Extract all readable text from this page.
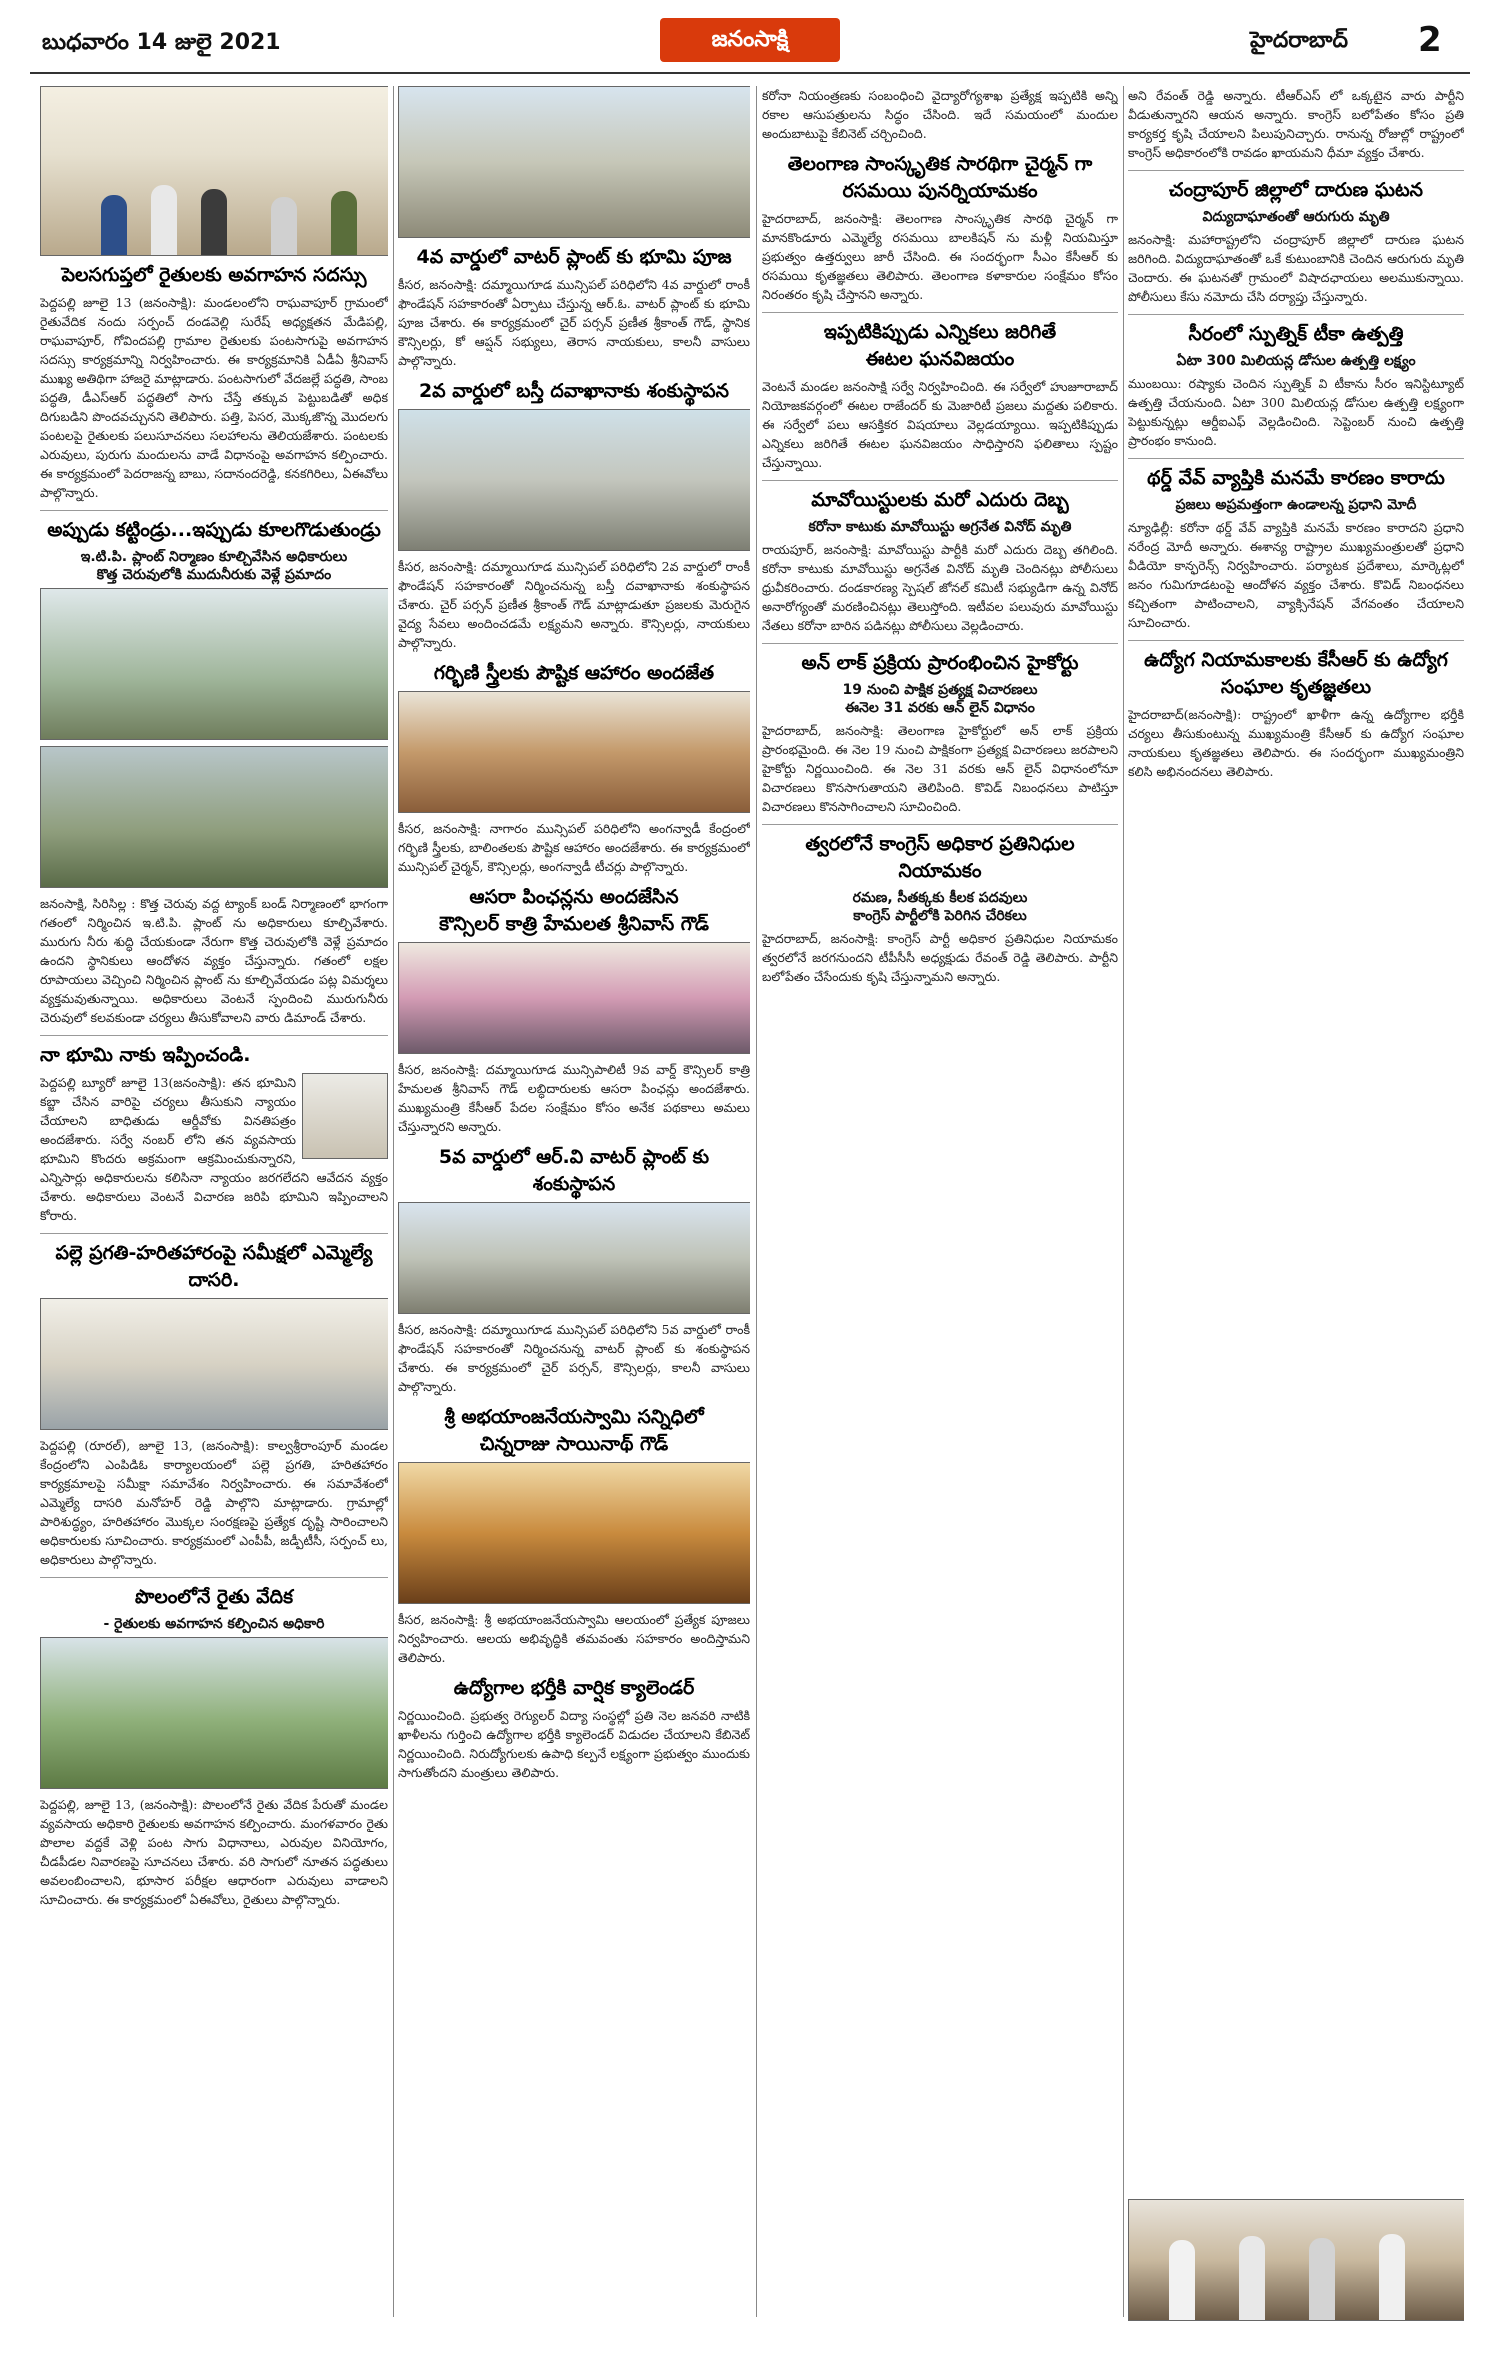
బుధవారం 14 జులై 2021	జనంసాక్షి	హైదరాబాద్ 2
పెలసగుప్తలో రైతులకు అవగాహన సదస్సు
పెద్దపల్లి జూలై 13 (జనంసాక్షి): మండలంలోని రాఘవాపూర్ గ్రామంలో రైతువేదిక నందు సర్పంచ్ దండవెల్లి సురేష్ అధ్యక్షతన మేడిపల్లి, రాఘవాపూర్, గోవిందపల్లి గ్రామాల రైతులకు పంటసాగుపై అవగాహన సదస్సు కార్యక్రమాన్ని నిర్వహించారు. ఈ కార్యక్రమానికి ఏడీఏ శ్రీనివాస్ ముఖ్య అతిథిగా హాజరై మాట్లాడారు. పంటసాగులో వేదజల్లే పద్ధతి, సాంబ పద్ధతి, డీఎస్ఆర్ పద్ధతిలో సాగు చేస్తే తక్కువ పెట్టుబడితో అధిక దిగుబడిని పొందవచ్చునని తెలిపారు. పత్తి, పెసర, మొక్కజొన్న మొదలగు పంటలపై రైతులకు పలుసూచనలు సలహాలను తెలియజేశారు. పంటలకు ఎరువులు, పురుగు మందులను వాడే విధానంపై అవగాహన కల్పించారు. ఈ కార్యక్రమంలో పెదరాజన్న బాబు, సదానందరెడ్డి, కనకగిరిలు, ఏఈవోలు పాల్గొన్నారు.
అప్పుడు కట్టిండ్రు...ఇప్పుడు కూలగొడుతుండ్రు
ఇ.టి.పి. ప్లాంట్ నిర్మాణం కూల్చివేసిన అధికారులు
కొత్త చెరువులోకి ముదునీరుకు వెళ్లే ప్రమాదం
జనంసాక్షి, సిరిసిల్ల : కొత్త చెరువు వద్ద ట్యాంక్ బండ్ నిర్మాణంలో భాగంగా గతంలో నిర్మించిన ఇ.టి.పి. ప్లాంట్ ను అధికారులు కూల్చివేశారు. మురుగు నీరు శుద్ధి చేయకుండా నేరుగా కొత్త చెరువులోకి వెళ్లే ప్రమాదం ఉందని స్థానికులు ఆందోళన వ్యక్తం చేస్తున్నారు. గతంలో లక్షల రూపాయలు వెచ్చించి నిర్మించిన ప్లాంట్ ను కూల్చివేయడం పట్ల విమర్శలు వ్యక్తమవుతున్నాయి. అధికారులు వెంటనే స్పందించి మురుగునీరు చెరువులో కలవకుండా చర్యలు తీసుకోవాలని వారు డిమాండ్ చేశారు.
నా భూమి నాకు ఇప్పించండి.
పెద్దపల్లి బ్యూరో జూలై 13(జనంసాక్షి): తన భూమిని కబ్జా చేసిన వారిపై చర్యలు తీసుకుని న్యాయం చేయాలని బాధితుడు ఆర్డీవోకు వినతిపత్రం అందజేశారు. సర్వే నంబర్ లోని తన వ్యవసాయ భూమిని కొందరు అక్రమంగా ఆక్రమించుకున్నారని, ఎన్నిసార్లు అధికారులను కలిసినా న్యాయం జరగలేదని ఆవేదన వ్యక్తం చేశారు. అధికారులు వెంటనే విచారణ జరిపి భూమిని ఇప్పించాలని కోరారు.
పల్లె ప్రగతి-హరితహారంపై సమీక్షలో ఎమ్మెల్యే దాసరి.
పెద్దపల్లి (రూరల్), జూలై 13, (జనంసాక్షి): కాల్వశ్రీరాంపూర్ మండల కేంద్రంలోని ఎంపిడిఓ కార్యాలయంలో పల్లె ప్రగతి, హరితహారం కార్యక్రమాలపై సమీక్షా సమావేశం నిర్వహించారు. ఈ సమావేశంలో ఎమ్మెల్యే దాసరి మనోహర్ రెడ్డి పాల్గొని మాట్లాడారు. గ్రామాల్లో పారిశుద్ధ్యం, హరితహారం మొక్కల సంరక్షణపై ప్రత్యేక దృష్టి సారించాలని అధికారులకు సూచించారు. కార్యక్రమంలో ఎంపీపీ, జడ్పీటీసీ, సర్పంచ్ లు, అధికారులు పాల్గొన్నారు.
పొలంలోనే రైతు వేదిక
- రైతులకు అవగాహన కల్పించిన అధికారి
పెద్దపల్లి, జూలై 13, (జనంసాక్షి): పొలంలోనే రైతు వేదిక పేరుతో మండల వ్యవసాయ అధికారి రైతులకు అవగాహన కల్పించారు. మంగళవారం రైతు పొలాల వద్దకే వెళ్లి పంట సాగు విధానాలు, ఎరువుల వినియోగం, చీడపీడల నివారణపై సూచనలు చేశారు. వరి సాగులో నూతన పద్ధతులు అవలంబించాలని, భూసార పరీక్షల ఆధారంగా ఎరువులు వాడాలని సూచించారు. ఈ కార్యక్రమంలో ఏఈవోలు, రైతులు పాల్గొన్నారు.
4వ వార్డులో వాటర్ ప్లాంట్ కు భూమి పూజ
కీసర, జనంసాక్షి: దమ్మాయిగూడ మున్సిపల్ పరిధిలోని 4వ వార్డులో రాంకీ ఫౌండేషన్ సహకారంతో ఏర్పాటు చేస్తున్న ఆర్.ఓ. వాటర్ ప్లాంట్ కు భూమి పూజ చేశారు. ఈ కార్యక్రమంలో చైర్ పర్సన్ ప్రణీత శ్రీకాంత్ గౌడ్, స్థానిక కౌన్సిలర్లు, కో ఆప్షన్ సభ్యులు, తెరాస నాయకులు, కాలనీ వాసులు పాల్గొన్నారు.
2వ వార్డులో బస్తీ దవాఖానాకు శంకుస్థాపన
కీసర, జనంసాక్షి: దమ్మాయిగూడ మున్సిపల్ పరిధిలోని 2వ వార్డులో రాంకీ ఫౌండేషన్ సహకారంతో నిర్మించనున్న బస్తీ దవాఖానాకు శంకుస్థాపన చేశారు. చైర్ పర్సన్ ప్రణీత శ్రీకాంత్ గౌడ్ మాట్లాడుతూ ప్రజలకు మెరుగైన వైద్య సేవలు అందించడమే లక్ష్యమని అన్నారు. కౌన్సిలర్లు, నాయకులు పాల్గొన్నారు.
గర్భిణి స్త్రీలకు పౌష్టిక ఆహారం అందజేత
కీసర, జనంసాక్షి: నాగారం మున్సిపల్ పరిధిలోని అంగన్వాడీ కేంద్రంలో గర్భిణి స్త్రీలకు, బాలింతలకు పౌష్టిక ఆహారం అందజేశారు. ఈ కార్యక్రమంలో మున్సిపల్ చైర్మన్, కౌన్సిలర్లు, అంగన్వాడీ టీచర్లు పాల్గొన్నారు.
ఆసరా పింఛన్లను అందజేసిన
కౌన్సిలర్ కాత్రి హేమలత శ్రీనివాస్ గౌడ్
కీసర, జనంసాక్షి: దమ్మాయిగూడ మున్సిపాలిటీ 9వ వార్డ్ కౌన్సిలర్ కాత్రి హేమలత శ్రీనివాస్ గౌడ్ లబ్ధిదారులకు ఆసరా పింఛన్లు అందజేశారు. ముఖ్యమంత్రి కేసీఆర్ పేదల సంక్షేమం కోసం అనేక పథకాలు అమలు చేస్తున్నారని అన్నారు.
5వ వార్డులో ఆర్.వి వాటర్ ప్లాంట్ కు శంకుస్థాపన
కీసర, జనంసాక్షి: దమ్మాయిగూడ మున్సిపల్ పరిధిలోని 5వ వార్డులో రాంకీ ఫౌండేషన్ సహకారంతో నిర్మించనున్న వాటర్ ప్లాంట్ కు శంకుస్థాపన చేశారు. ఈ కార్యక్రమంలో చైర్ పర్సన్, కౌన్సిలర్లు, కాలనీ వాసులు పాల్గొన్నారు.
శ్రీ అభయాంజనేయస్వామి సన్నిధిలో
చిన్నరాజు సాయినాథ్ గౌడ్
కీసర, జనంసాక్షి: శ్రీ అభయాంజనేయస్వామి ఆలయంలో ప్రత్యేక పూజలు నిర్వహించారు. ఆలయ అభివృద్ధికి తమవంతు సహకారం అందిస్తామని తెలిపారు.
ఉద్యోగాల భర్తీకి వార్షిక క్యాలెండర్
నిర్ణయించింది. ప్రభుత్వ రెగ్యులర్ విద్యా సంస్థల్లో ప్రతి నెల జనవరి నాటికి ఖాళీలను గుర్తించి ఉద్యోగాల భర్తీకి క్యాలెండర్ విడుదల చేయాలని కేబినెట్ నిర్ణయించింది. నిరుద్యోగులకు ఉపాధి కల్పనే లక్ష్యంగా ప్రభుత్వం ముందుకు సాగుతోందని మంత్రులు తెలిపారు.
కరోనా నియంత్రణకు సంబంధించి వైద్యారోగ్యశాఖ ప్రత్యేక్ష ఇప్పటికి అన్ని రకాల ఆసుపత్రులను సిద్ధం చేసింది. ఇదే సమయంలో మందుల అందుబాటుపై కేబినెట్ చర్చించింది.
తెలంగాణ సాంస్కృతిక సారథిగా చైర్మన్ గా
రసమయి పునర్నియామకం
హైదరాబాద్, జనంసాక్షి: తెలంగాణ సాంస్కృతిక సారథి చైర్మన్ గా మానకొండూరు ఎమ్మెల్యే రసమయి బాలకిషన్ ను మళ్లీ నియమిస్తూ ప్రభుత్వం ఉత్తర్వులు జారీ చేసింది. ఈ సందర్భంగా సీఎం కేసీఆర్ కు రసమయి కృతజ్ఞతలు తెలిపారు. తెలంగాణ కళాకారుల సంక్షేమం కోసం నిరంతరం కృషి చేస్తానని అన్నారు.
ఇప్పటికిప్పుడు ఎన్నికలు జరిగితే
ఈటల ఘనవిజయం
వెంటనే మండల జనంసాక్షి సర్వే నిర్వహించింది. ఈ సర్వేలో హుజూరాబాద్ నియోజకవర్గంలో ఈటల రాజేందర్ కు మెజారిటీ ప్రజలు మద్దతు పలికారు. ఈ సర్వేలో పలు ఆసక్తికర విషయాలు వెల్లడయ్యాయి. ఇప్పటికిప్పుడు ఎన్నికలు జరిగితే ఈటల ఘనవిజయం సాధిస్తారని ఫలితాలు స్పష్టం చేస్తున్నాయి.
మావోయిస్టులకు మరో ఎదురు దెబ్బ
కరోనా కాటుకు మావోయిస్టు అగ్రనేత వినోద్ మృతి
రాయపూర్, జనంసాక్షి: మావోయిస్టు పార్టీకి మరో ఎదురు దెబ్బ తగిలింది. కరోనా కాటుకు మావోయిస్టు అగ్రనేత వినోద్ మృతి చెందినట్లు పోలీసులు ధ్రువీకరించారు. దండకారణ్య స్పెషల్ జోనల్ కమిటీ సభ్యుడిగా ఉన్న వినోద్ అనారోగ్యంతో మరణించినట్లు తెలుస్తోంది. ఇటీవల పలువురు మావోయిస్టు నేతలు కరోనా బారిన పడినట్లు పోలీసులు వెల్లడించారు.
అన్ లాక్ ప్రక్రియ ప్రారంభించిన హైకోర్టు
19 నుంచి పాక్షిక ప్రత్యక్ష విచారణలు
ఈనెల 31 వరకు ఆన్ లైన్ విధానం
హైదరాబాద్, జనంసాక్షి: తెలంగాణ హైకోర్టులో అన్ లాక్ ప్రక్రియ ప్రారంభమైంది. ఈ నెల 19 నుంచి పాక్షికంగా ప్రత్యక్ష విచారణలు జరపాలని హైకోర్టు నిర్ణయించింది. ఈ నెల 31 వరకు ఆన్ లైన్ విధానంలోనూ విచారణలు కొనసాగుతాయని తెలిపింది. కొవిడ్ నిబంధనలు పాటిస్తూ విచారణలు కొనసాగించాలని సూచించింది.
త్వరలోనే కాంగ్రెస్ అధికార ప్రతినిధుల నియామకం
రమణ, సీతక్కకు కీలక పదవులు
కాంగ్రెస్ పార్టీలోకి పెరిగిన చేరికలు
హైదరాబాద్, జనంసాక్షి: కాంగ్రెస్ పార్టీ అధికార ప్రతినిధుల నియామకం త్వరలోనే జరగనుందని టీపీసీసీ అధ్యక్షుడు రేవంత్ రెడ్డి తెలిపారు. పార్టీని బలోపేతం చేసేందుకు కృషి చేస్తున్నామని అన్నారు.
అని రేవంత్ రెడ్డి అన్నారు. టీఆర్ఎస్ లో ఒక్కటైన వారు పార్టీని వీడుతున్నారని ఆయన అన్నారు. కాంగ్రెస్ బలోపేతం కోసం ప్రతి కార్యకర్త కృషి చేయాలని పిలుపునిచ్చారు. రానున్న రోజుల్లో రాష్ట్రంలో కాంగ్రెస్ అధికారంలోకి రావడం ఖాయమని ధీమా వ్యక్తం చేశారు.
చంద్రాపూర్ జిల్లాలో దారుణ ఘటన
విద్యుదాఘాతంతో ఆరుగురు మృతి
జనంసాక్షి: మహారాష్ట్రలోని చంద్రాపూర్ జిల్లాలో దారుణ ఘటన జరిగింది. విద్యుదాఘాతంతో ఒకే కుటుంబానికి చెందిన ఆరుగురు మృతి చెందారు. ఈ ఘటనతో గ్రామంలో విషాదఛాయలు అలముకున్నాయి. పోలీసులు కేసు నమోదు చేసి దర్యాప్తు చేస్తున్నారు.
సీరంలో స్పుత్నిక్ టీకా ఉత్పత్తి
ఏటా 300 మిలియన్ల డోసుల ఉత్పత్తి లక్ష్యం
ముంబయి: రష్యాకు చెందిన స్పుత్నిక్ వి టీకాను సీరం ఇనిస్టిట్యూట్ ఉత్పత్తి చేయనుంది. ఏటా 300 మిలియన్ల డోసుల ఉత్పత్తి లక్ష్యంగా పెట్టుకున్నట్లు ఆర్డీఐఎఫ్ వెల్లడించింది. సెప్టెంబర్ నుంచి ఉత్పత్తి ప్రారంభం కానుంది.
థర్డ్ వేవ్ వ్యాప్తికి మనమే కారణం కారాదు
ప్రజలు అప్రమత్తంగా ఉండాలన్న ప్రధాని మోదీ
న్యూఢిల్లీ: కరోనా థర్డ్ వేవ్ వ్యాప్తికి మనమే కారణం కారాదని ప్రధాని నరేంద్ర మోదీ అన్నారు. ఈశాన్య రాష్ట్రాల ముఖ్యమంత్రులతో ప్రధాని వీడియో కాన్ఫరెన్స్ నిర్వహించారు. పర్యాటక ప్రదేశాలు, మార్కెట్లలో జనం గుమిగూడటంపై ఆందోళన వ్యక్తం చేశారు. కొవిడ్ నిబంధనలు కచ్చితంగా పాటించాలని, వ్యాక్సినేషన్ వేగవంతం చేయాలని సూచించారు.
ఉద్యోగ నియామకాలకు కేసీఆర్ కు ఉద్యోగ సంఘాల కృతజ్ఞతలు
హైదరాబాద్(జనంసాక్షి): రాష్ట్రంలో ఖాళీగా ఉన్న ఉద్యోగాల భర్తీకి చర్యలు తీసుకుంటున్న ముఖ్యమంత్రి కేసీఆర్ కు ఉద్యోగ సంఘాల నాయకులు కృతజ్ఞతలు తెలిపారు. ఈ సందర్భంగా ముఖ్యమంత్రిని కలిసి అభినందనలు తెలిపారు.
